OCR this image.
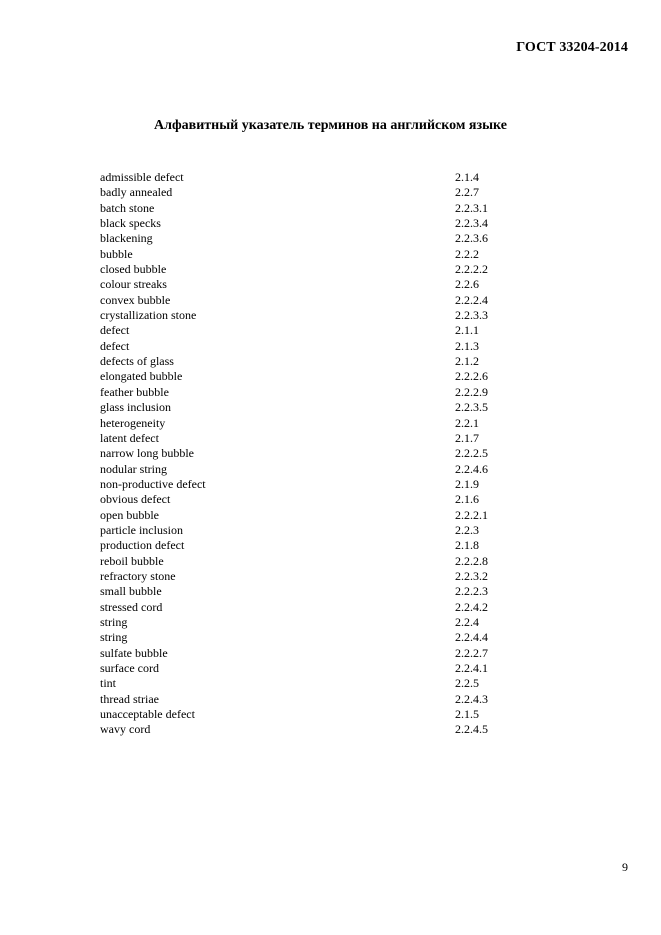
ГОСТ 33204-2014
Алфавитный указатель терминов на английском языке
admissible defect	2.1.4
badly annealed	2.2.7
batch stone	2.2.3.1
black specks	2.2.3.4
blackening	2.2.3.6
bubble	2.2.2
closed bubble	2.2.2.2
colour streaks	2.2.6
convex bubble	2.2.2.4
crystallization stone	2.2.3.3
defect	2.1.1
defect	2.1.3
defects of glass	2.1.2
elongated bubble	2.2.2.6
feather bubble	2.2.2.9
glass inclusion	2.2.3.5
heterogeneity	2.2.1
latent defect	2.1.7
narrow long bubble	2.2.2.5
nodular string	2.2.4.6
non-productive defect	2.1.9
obvious defect	2.1.6
open bubble	2.2.2.1
particle inclusion	2.2.3
production defect	2.1.8
reboil bubble	2.2.2.8
refractory stone	2.2.3.2
small bubble	2.2.2.3
stressed cord	2.2.4.2
string	2.2.4
string	2.2.4.4
sulfate bubble	2.2.2.7
surface cord	2.2.4.1
tint	2.2.5
thread striae	2.2.4.3
unacceptable defect	2.1.5
wavy cord	2.2.4.5
9
